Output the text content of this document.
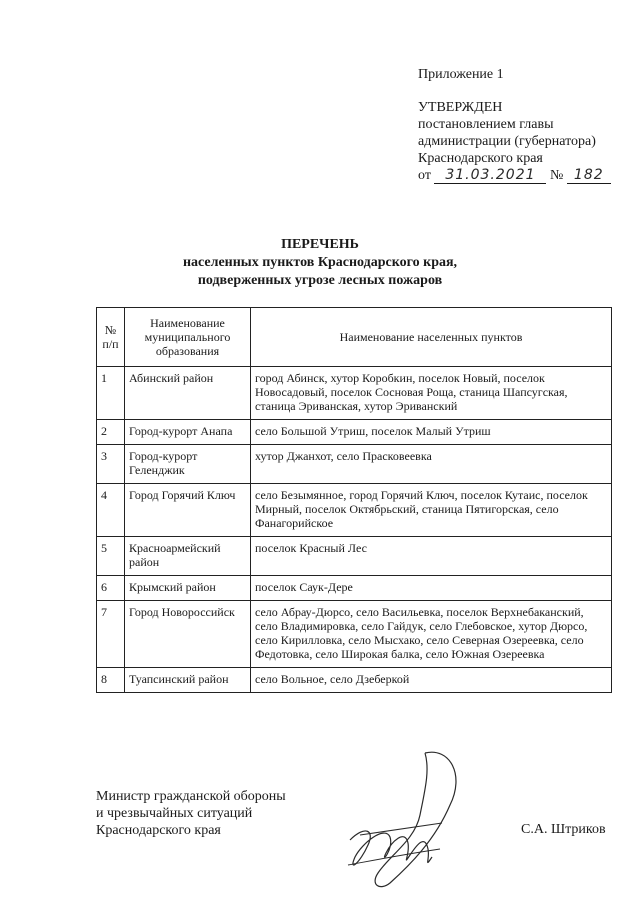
Приложение 1
УТВЕРЖДЕН
постановлением главы
администрации (губернатора)
Краснодарского края
от 31.03.2021 № 182
ПЕРЕЧЕНЬ
населенных пунктов Краснодарского края,
подверженных угрозе лесных пожаров
№ п/п	Наименование муниципального образования	Наименование населенных пунктов
1	Абинский район	город Абинск, хутор Коробкин, поселок Новый, поселок Новосадовый, поселок Сосновая Роща, станица Шапсугская, станица Эриванская, хутор Эриванский
2	Город-курорт Анапа	село Большой Утриш, поселок Малый Утриш
3	Город-курорт Геленджик	хутор Джанхот, село Прасковеевка
4	Город Горячий Ключ	село Безымянное, город Горячий Ключ, поселок Кутаис, поселок Мирный, поселок Октябрьский, станица Пятигорская, село Фанагорийское
5	Красноармейский район	поселок Красный Лес
6	Крымский район	поселок Саук-Дере
7	Город Новороссийск	село Абрау-Дюрсо, село Васильевка, поселок Верхнебаканский, село Владимировка, село Гайдук, село Глебовское, хутор Дюрсо, село Кирилловка, село Мысхако, село Северная Озереевка, село Федотовка, село Широкая балка, село Южная Озереевка
8	Туапсинский район	село Вольное, село Дзеберкой
Министр гражданской обороны
и чрезвычайных ситуаций
Краснодарского края	С.А. Штриков
